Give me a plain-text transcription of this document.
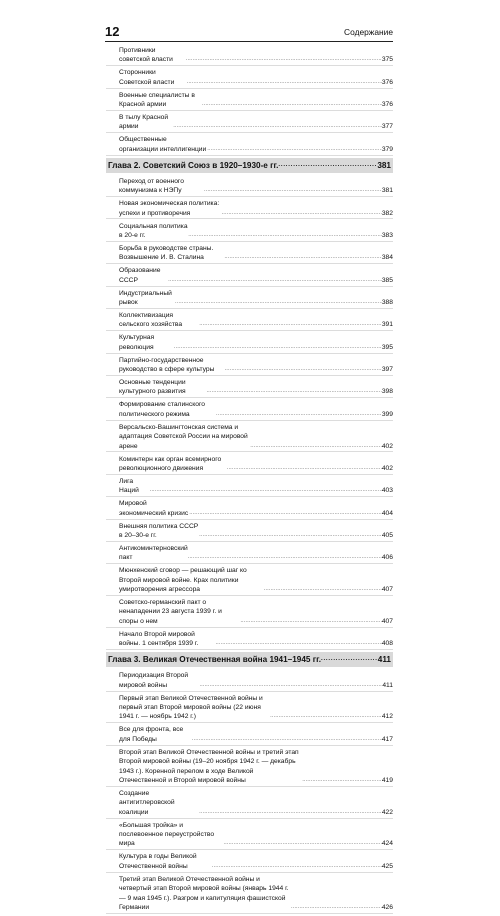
12	Содержание
Противники советской власти .....	375
Сторонники Советской власти .....	376
Военные специалисты в Красной армии .....	376
В тылу Красной армии .....	377
Общественные организации интеллигенции .....	379
Глава 2. Советский Союз в 1920–1930-е гг. .....	381
Переход от военного коммунизма к НЭПу .....	381
Новая экономическая политика: успехи и противоречия .....	382
Социальная политика в 20-е гг. .....	383
Борьба в руководстве страны. Возвышение И. В. Сталина .....	384
Образование СССР .....	385
Индустриальный рывок .....	388
Коллективизация сельского хозяйства .....	391
Культурная революция .....	395
Партийно-государственное руководство в сфере культуры .....	397
Основные тенденции культурного развития .....	398
Формирование сталинского политического режима .....	399
Версальско-Вашингтонская система и адаптация Советской России на мировой арене .....	402
Коминтерн как орган всемирного революционного движения .....	402
Лига Наций .....	403
Мировой экономический кризис .....	404
Внешняя политика СССР в 20–30-е гг. .....	405
Антикоминтерновский пакт .....	406
Мюнхенский сговор — решающий шаг ко Второй мировой войне. Крах политики умиротворения агрессора .....	407
Советско-германский пакт о ненападении 23 августа 1939 г. и споры о нем .....	407
Начало Второй мировой войны. 1 сентября 1939 г. .....	408
Глава 3. Великая Отечественная война 1941–1945 гг. .....	411
Периодизация Второй мировой войны .....	411
Первый этап Великой Отечественной войны и первый этап Второй мировой войны (22 июня 1941 г. — ноябрь 1942 г.) .....	412
Все для фронта, все для Победы .....	417
Второй этап Великой Отечественной войны и третий этап Второй мировой войны (19–20 ноября 1942 г. — декабрь 1943 г.). Коренной перелом в ходе Великой Отечественной и Второй мировой войны .....	419
Создание антигитлеровской коалиции .....	422
«Большая тройка» и послевоенное переустройство мира .....	424
Культура в годы Великой Отечественной войны .....	425
Третий этап Великой Отечественной войны и четвертый этап Второй мировой войны (январь 1944 г. — 9 мая 1945 г.). Разгром и капитуляция фашистской Германии .....	426
